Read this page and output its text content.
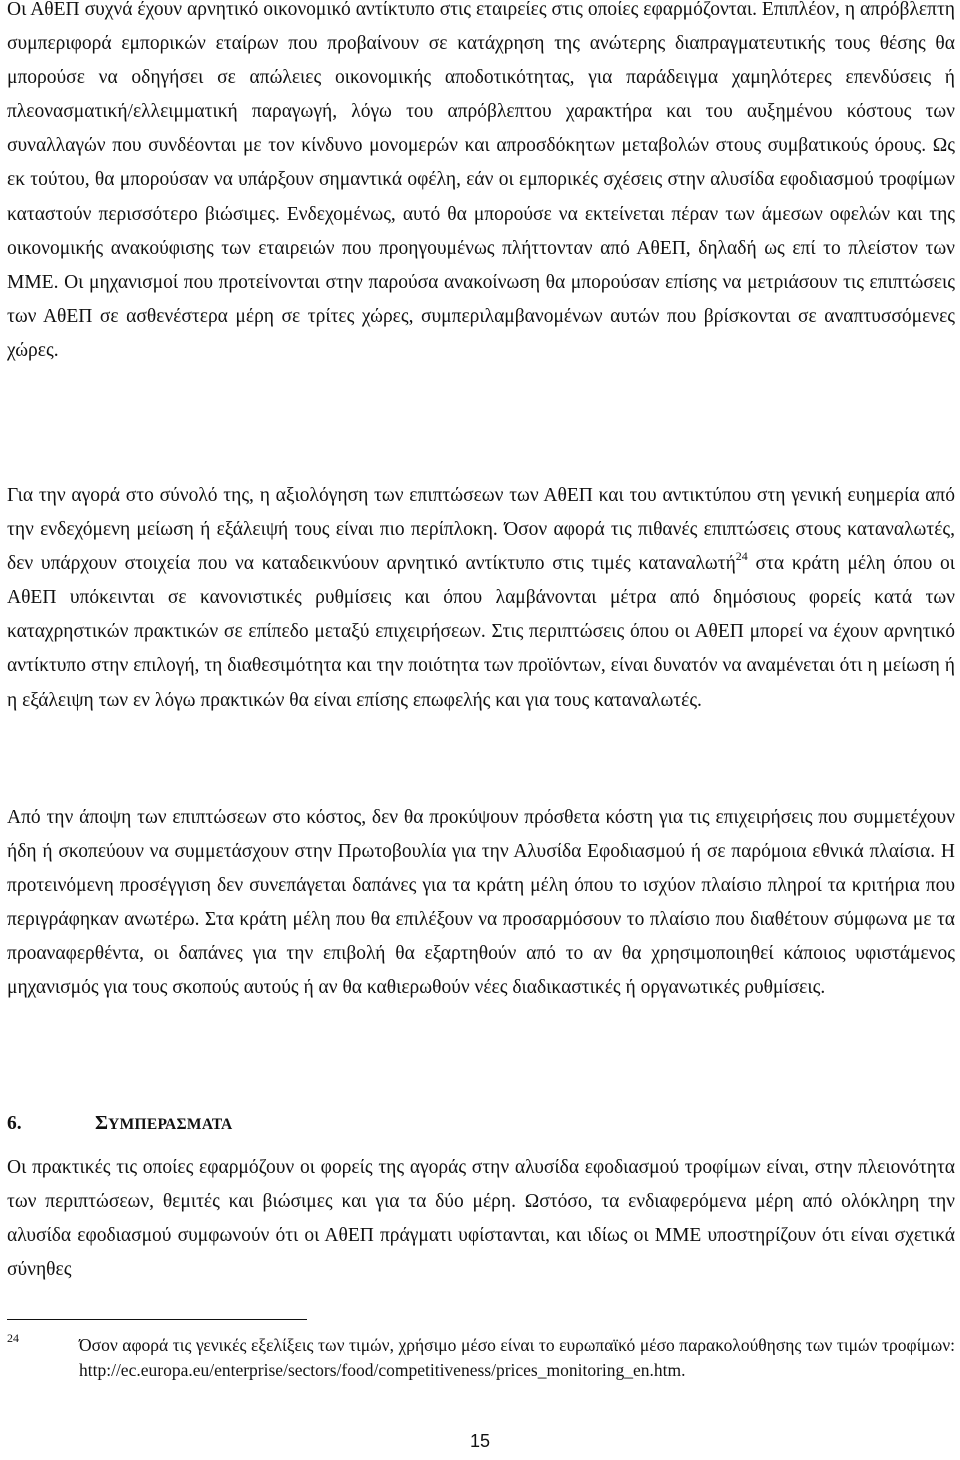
Οι ΑθΕΠ συχνά έχουν αρνητικό οικονομικό αντίκτυπο στις εταιρείες στις οποίες εφαρμόζονται. Επιπλέον, η απρόβλεπτη συμπεριφορά εμπορικών εταίρων που προβαίνουν σε κατάχρηση της ανώτερης διαπραγματευτικής τους θέσης θα μπορούσε να οδηγήσει σε απώλειες οικονομικής αποδοτικότητας, για παράδειγμα χαμηλότερες επενδύσεις ή πλεονασματική/ελλειμματική παραγωγή, λόγω του απρόβλεπτου χαρακτήρα και του αυξημένου κόστους των συναλλαγών που συνδέονται με τον κίνδυνο μονομερών και απροσδόκητων μεταβολών στους συμβατικούς όρους. Ως εκ τούτου, θα μπορούσαν να υπάρξουν σημαντικά οφέλη, εάν οι εμπορικές σχέσεις στην αλυσίδα εφοδιασμού τροφίμων καταστούν περισσότερο βιώσιμες. Ενδεχομένως, αυτό θα μπορούσε να εκτείνεται πέραν των άμεσων οφελών και της οικονομικής ανακούφισης των εταιρειών που προηγουμένως πλήττονταν από ΑθΕΠ, δηλαδή ως επί το πλείστον των ΜΜΕ. Οι μηχανισμοί που προτείνονται στην παρούσα ανακοίνωση θα μπορούσαν επίσης να μετριάσουν τις επιπτώσεις των ΑθΕΠ σε ασθενέστερα μέρη σε τρίτες χώρες, συμπεριλαμβανομένων αυτών που βρίσκονται σε αναπτυσσόμενες χώρες.

Για την αγορά στο σύνολό της, η αξιολόγηση των επιπτώσεων των ΑθΕΠ και του αντικτύπου στη γενική ευημερία από την ενδεχόμενη μείωση ή εξάλειψή τους είναι πιο περίπλοκη. Όσον αφορά τις πιθανές επιπτώσεις στους καταναλωτές, δεν υπάρχουν στοιχεία που να καταδεικνύουν αρνητικό αντίκτυπο στις τιμές καταναλωτή$^{24}$ στα κράτη μέλη όπου οι ΑθΕΠ υπόκεινται σε κανονιστικές ρυθμίσεις και όπου λαμβάνονται μέτρα από δημόσιους φορείς κατά των καταχρηστικών πρακτικών σε επίπεδο μεταξύ επιχειρήσεων. Στις περιπτώσεις όπου οι ΑθΕΠ μπορεί να έχουν αρνητικό αντίκτυπο στην επιλογή, τη διαθεσιμότητα και την ποιότητα των προϊόντων, είναι δυνατόν να αναμένεται ότι η μείωση ή η εξάλειψη των εν λόγω πρακτικών θα είναι επίσης επωφελής και για τους καταναλωτές.

Από την άποψη των επιπτώσεων στο κόστος, δεν θα προκύψουν πρόσθετα κόστη για τις επιχειρήσεις που συμμετέχουν ήδη ή σκοπεύουν να συμμετάσχουν στην Πρωτοβουλία για την Αλυσίδα Εφοδιασμού ή σε παρόμοια εθνικά πλαίσια. Η προτεινόμενη προσέγγιση δεν συνεπάγεται δαπάνες για τα κράτη μέλη όπου το ισχύον πλαίσιο πληροί τα κριτήρια που περιγράφηκαν ανωτέρω. Στα κράτη μέλη που θα επιλέξουν να προσαρμόσουν το πλαίσιο που διαθέτουν σύμφωνα με τα προαναφερθέντα, οι δαπάνες για την επιβολή θα εξαρτηθούν από το αν θα χρησιμοποιηθεί κάποιος υφιστάμενος μηχανισμός για τους σκοπούς αυτούς ή αν θα καθιερωθούν νέες διαδικαστικές ή οργανωτικές ρυθμίσεις.

6.	ΣΥΜΠΕΡΑΣΜΑΤΑ

Οι πρακτικές τις οποίες εφαρμόζουν οι φορείς της αγοράς στην αλυσίδα εφοδιασμού τροφίμων είναι, στην πλειονότητα των περιπτώσεων, θεμιτές και βιώσιμες και για τα δύο μέρη. Ωστόσο, τα ενδιαφερόμενα μέρη από ολόκληρη την αλυσίδα εφοδιασμού συμφωνούν ότι οι ΑθΕΠ πράγματι υφίστανται, και ιδίως οι ΜΜΕ υποστηρίζουν ότι είναι σχετικά σύνηθες

24	Όσον αφορά τις γενικές εξελίξεις των τιμών, χρήσιμο μέσο είναι το ευρωπαϊκό μέσο παρακολούθησης των τιμών τροφίμων: http://ec.europa.eu/enterprise/sectors/food/competitiveness/prices_monitoring_en.htm.

15
